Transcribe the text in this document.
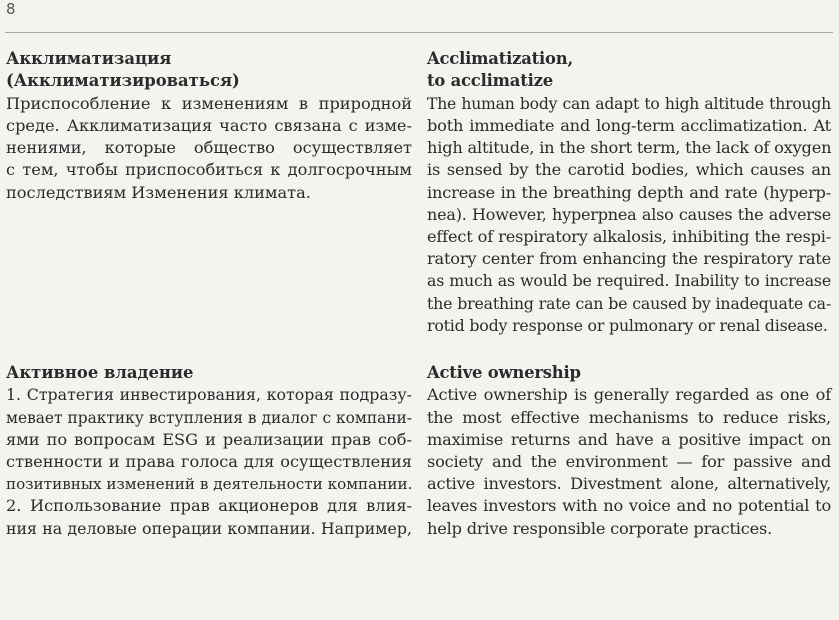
8

Акклиматизация
(Акклиматизироваться)

Приспособление к изменениям в природной
среде. Акклиматизация часто связана с изме-
нениями, которые общество осуществляет
с тем, чтобы приспособиться к долгосрочным
последствиям Изменения климата.

Acclimatization,
to acclimatize

The human body can adapt to high altitude through
both immediate and long-term acclimatization. At
high altitude, in the short term, the lack of oxygen
is sensed by the carotid bodies, which causes an
increase in the breathing depth and rate (hyperp-
nea). However, hyperpnea also causes the adverse
effect of respiratory alkalosis, inhibiting the respi-
ratory center from enhancing the respiratory rate
as much as would be required. Inability to increase
the breathing rate can be caused by inadequate ca-
rotid body response or pulmonary or renal disease.

Активное владение

1. Стратегия инвестирования, которая подразу-
мевает практику вступления в диалог с компани-
ями по вопросам ESG и реализации прав соб-
ственности и права голоса для осуществления
позитивных изменений в деятельности компании.
2. Использование прав акционеров для влия-
ния на деловые операции компании. Например,

Active ownership

Active ownership is generally regarded as one of
the most effective mechanisms to reduce risks,
maximise returns and have a positive impact on
society and the environment — for passive and
active investors. Divestment alone, alternatively,
leaves investors with no voice and no potential to
help drive responsible corporate practices.
